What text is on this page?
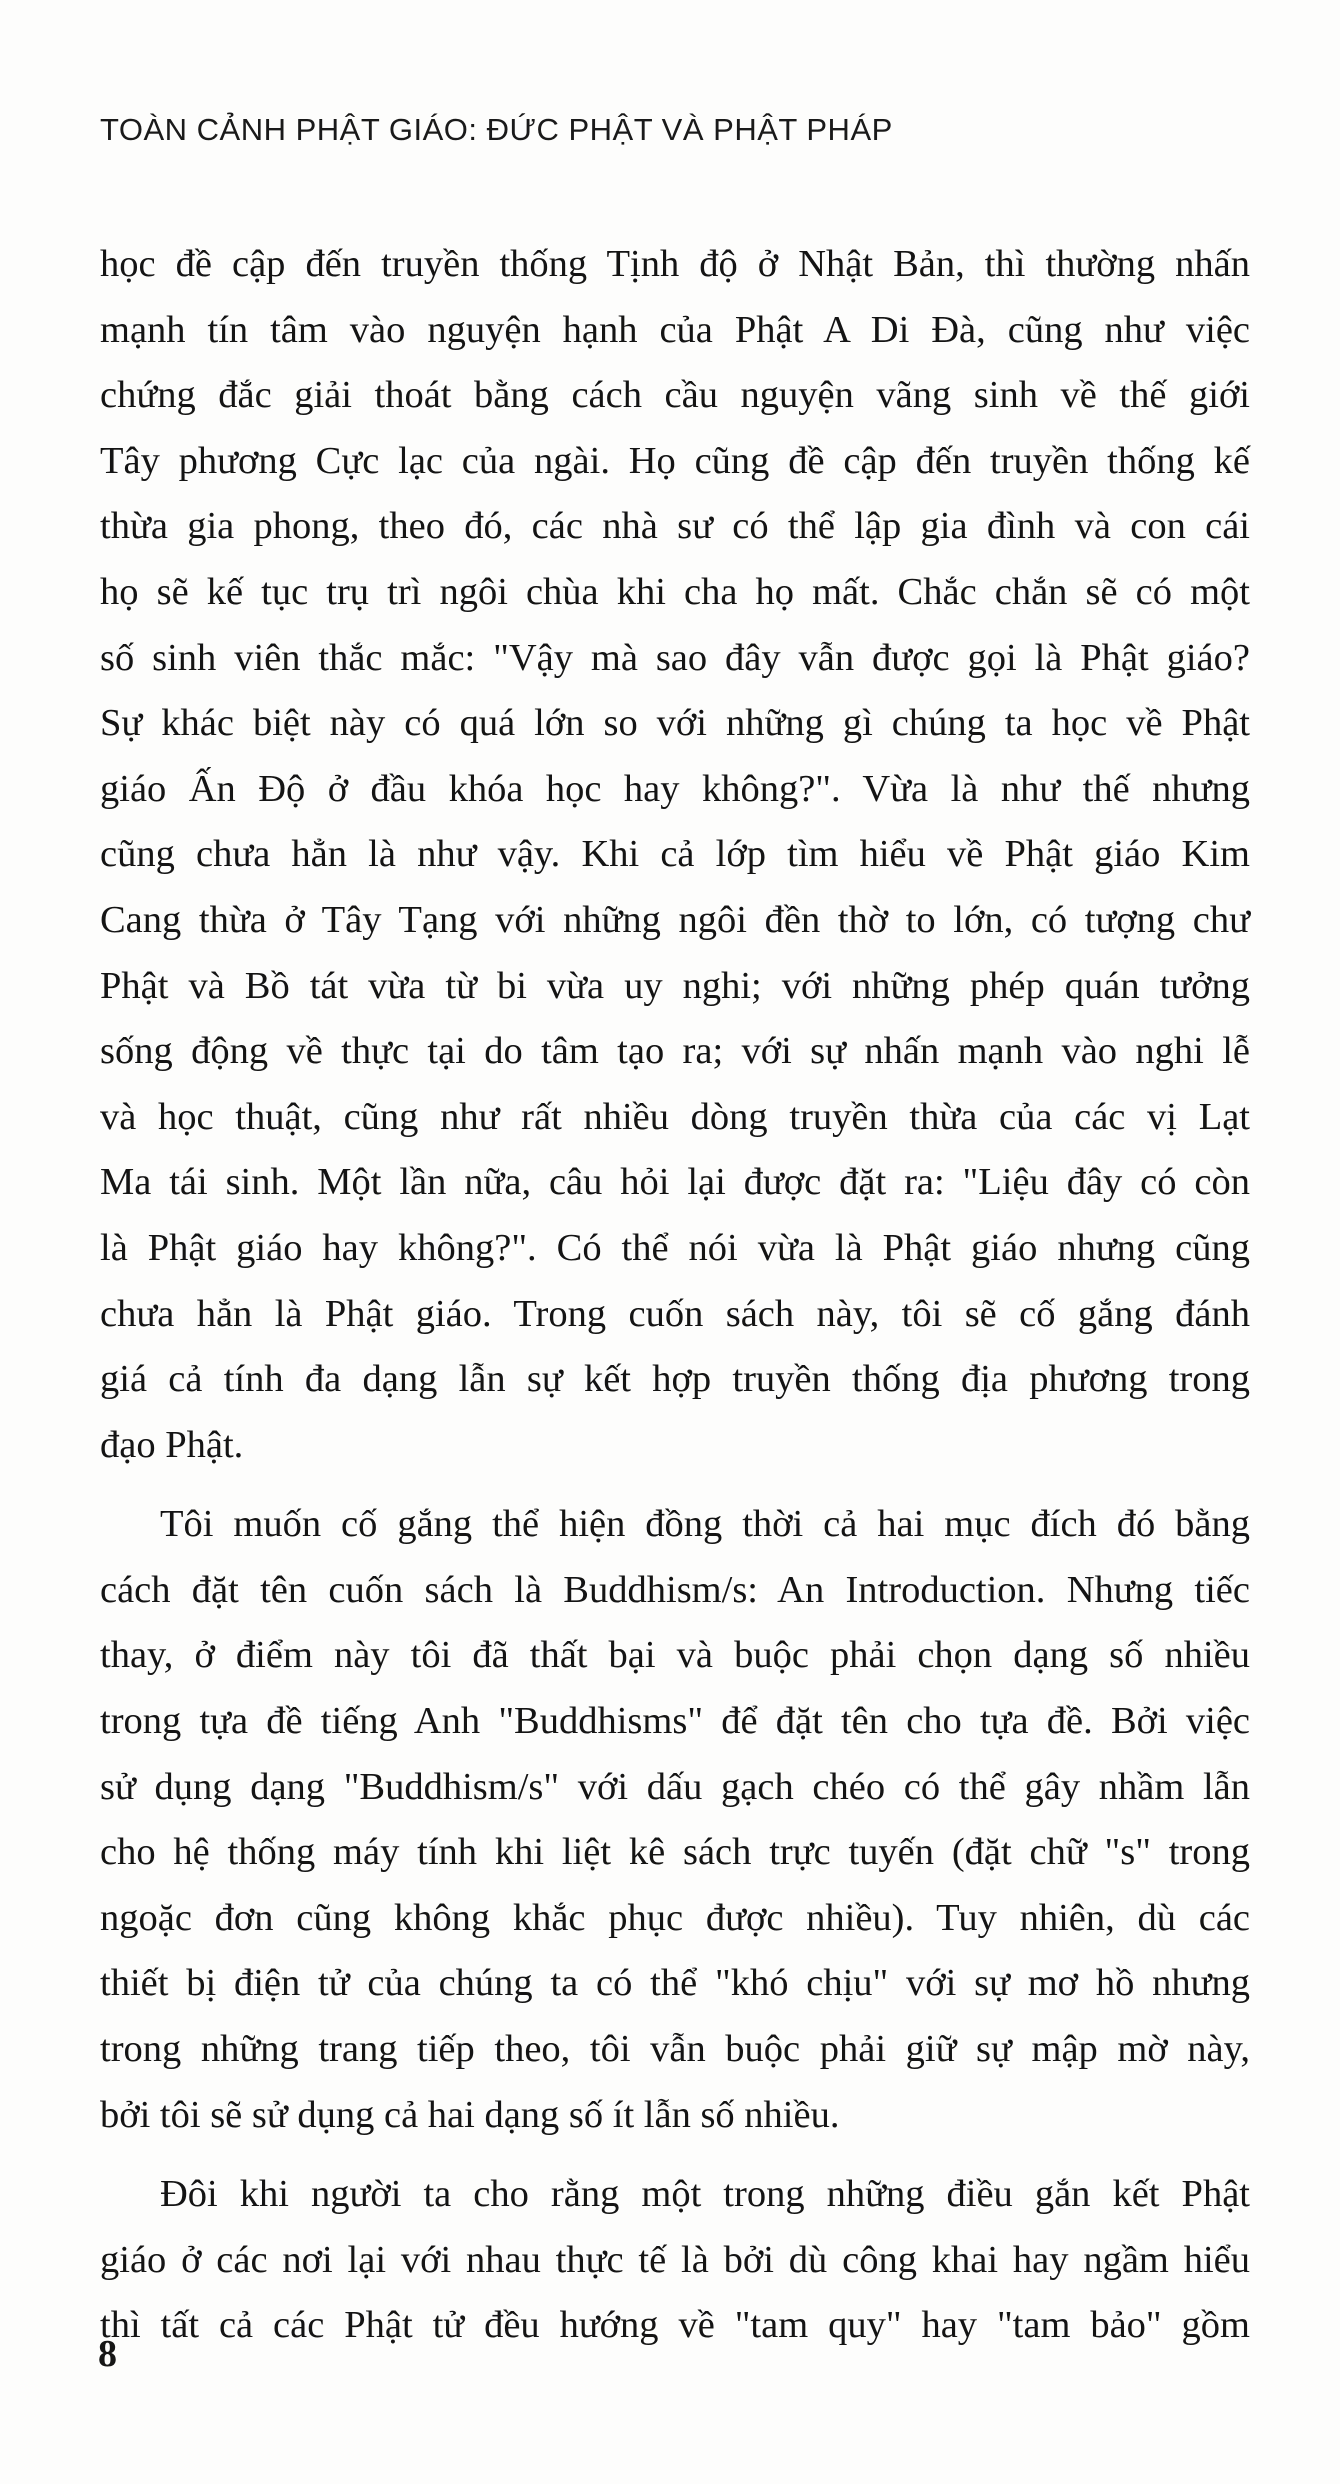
TOÀN CẢNH PHẬT GIÁO: ĐỨC PHẬT VÀ PHẬT PHÁP

học đề cập đến truyền thống Tịnh độ ở Nhật Bản, thì thường nhấn
mạnh tín tâm vào nguyện hạnh của Phật A Di Đà, cũng như việc
chứng đắc giải thoát bằng cách cầu nguyện vãng sinh về thế giới
Tây phương Cực lạc của ngài. Họ cũng đề cập đến truyền thống kế
thừa gia phong, theo đó, các nhà sư có thể lập gia đình và con cái
họ sẽ kế tục trụ trì ngôi chùa khi cha họ mất. Chắc chắn sẽ có một
số sinh viên thắc mắc: "Vậy mà sao đây vẫn được gọi là Phật giáo?
Sự khác biệt này có quá lớn so với những gì chúng ta học về Phật
giáo Ấn Độ ở đầu khóa học hay không?". Vừa là như thế nhưng
cũng chưa hẳn là như vậy. Khi cả lớp tìm hiểu về Phật giáo Kim
Cang thừa ở Tây Tạng với những ngôi đền thờ to lớn, có tượng chư
Phật và Bồ tát vừa từ bi vừa uy nghi; với những phép quán tưởng
sống động về thực tại do tâm tạo ra; với sự nhấn mạnh vào nghi lễ
và học thuật, cũng như rất nhiều dòng truyền thừa của các vị Lạt
Ma tái sinh. Một lần nữa, câu hỏi lại được đặt ra: "Liệu đây có còn
là Phật giáo hay không?". Có thể nói vừa là Phật giáo nhưng cũng
chưa hẳn là Phật giáo. Trong cuốn sách này, tôi sẽ cố gắng đánh
giá cả tính đa dạng lẫn sự kết hợp truyền thống địa phương trong
đạo Phật.

Tôi muốn cố gắng thể hiện đồng thời cả hai mục đích đó bằng
cách đặt tên cuốn sách là Buddhism/s: An Introduction. Nhưng tiếc
thay, ở điểm này tôi đã thất bại và buộc phải chọn dạng số nhiều
trong tựa đề tiếng Anh "Buddhisms" để đặt tên cho tựa đề. Bởi việc
sử dụng dạng "Buddhism/s" với dấu gạch chéo có thể gây nhầm lẫn
cho hệ thống máy tính khi liệt kê sách trực tuyến (đặt chữ "s" trong
ngoặc đơn cũng không khắc phục được nhiều). Tuy nhiên, dù các
thiết bị điện tử của chúng ta có thể "khó chịu" với sự mơ hồ nhưng
trong những trang tiếp theo, tôi vẫn buộc phải giữ sự mập mờ này,
bởi tôi sẽ sử dụng cả hai dạng số ít lẫn số nhiều.

Đôi khi người ta cho rằng một trong những điều gắn kết Phật
giáo ở các nơi lại với nhau thực tế là bởi dù công khai hay ngầm hiểu
thì tất cả các Phật tử đều hướng về "tam quy" hay "tam bảo" gồm

8
